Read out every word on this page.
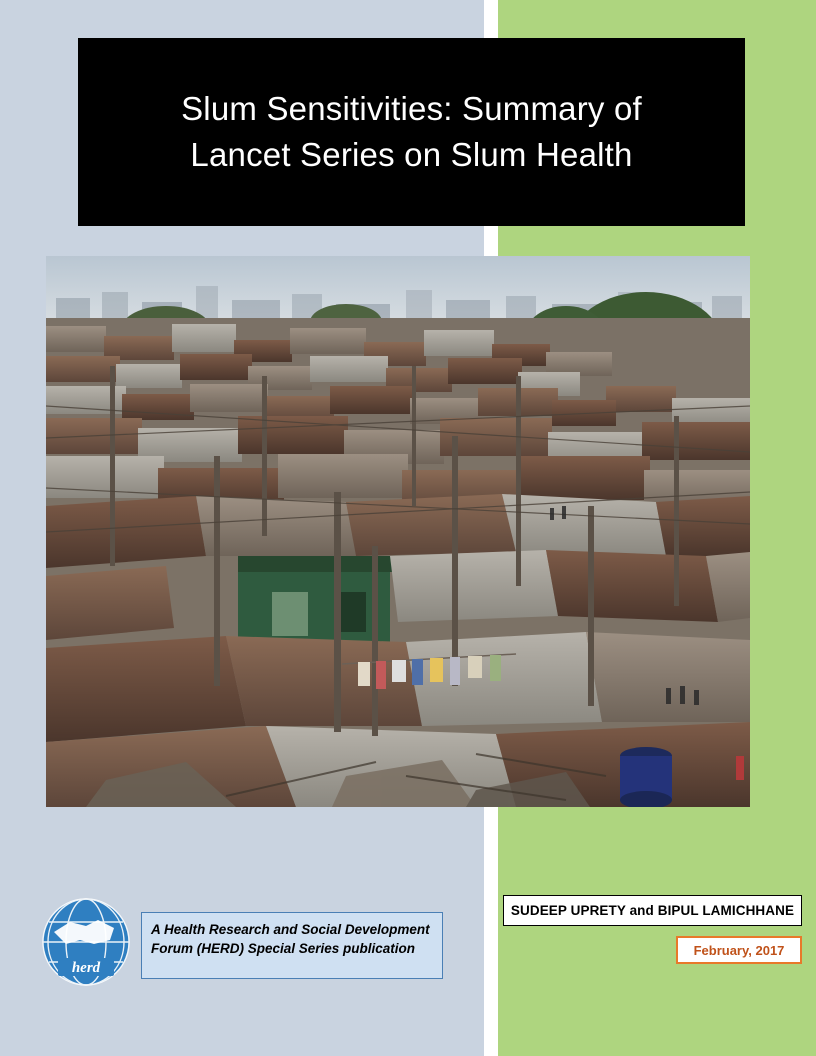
Slum Sensitivities: Summary of
Lancet Series on Slum Health
herd
A Health Research and Social Development Forum (HERD) Special Series publication
SUDEEP UPRETY and BIPUL LAMICHHANE
February, 2017
